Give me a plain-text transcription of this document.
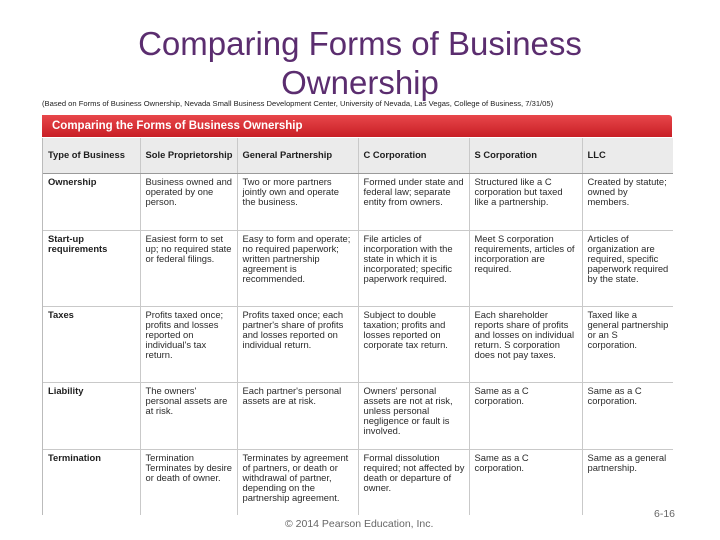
Comparing Forms of Business Ownership
(Based on Forms of Business Ownership, Nevada Small Business Development Center, University of Nevada, Las Vegas, College of Business, 7/31/05)
Comparing the Forms of Business Ownership
Type of Business	Sole Proprietorship	General Partnership	C Corporation	S Corporation	LLC
Ownership	Business owned and operated by one person.	Two or more partners jointly own and operate the business.	Formed under state and federal law; separate entity from owners.	Structured like a C corporation but taxed like a partnership.	Created by statute; owned by members.
Start-up requirements	Easiest form to set up; no required state or federal filings.	Easy to form and operate; no required paperwork; written partnership agreement is recommended.	File articles of incorporation with the state in which it is incorporated; specific paperwork required.	Meet S corporation requirements, articles of incorporation are required.	Articles of organization are required, specific paperwork required by the state.
Taxes	Profits taxed once; profits and losses reported on individual's tax return.	Profits taxed once; each partner's share of profits and losses reported on individual return.	Subject to double taxation; profits and losses reported on corporate tax return.	Each shareholder reports share of profits and losses on individual return. S corporation does not pay taxes.	Taxed like a general partnership or an S corporation.
Liability	The owners' personal assets are at risk.	Each partner's personal assets are at risk.	Owners' personal assets are not at risk, unless personal negligence or fault is involved.	Same as a C corporation.	Same as a C corporation.
Termination	Termination Terminates by desire or death of owner.	Terminates by agreement of partners, or death or withdrawal of partner, depending on the partnership agreement.	Formal dissolution required; not affected by death or departure of owner.	Same as a C corporation.	Same as a general partnership.
© 2014 Pearson Education, Inc.
6-16
